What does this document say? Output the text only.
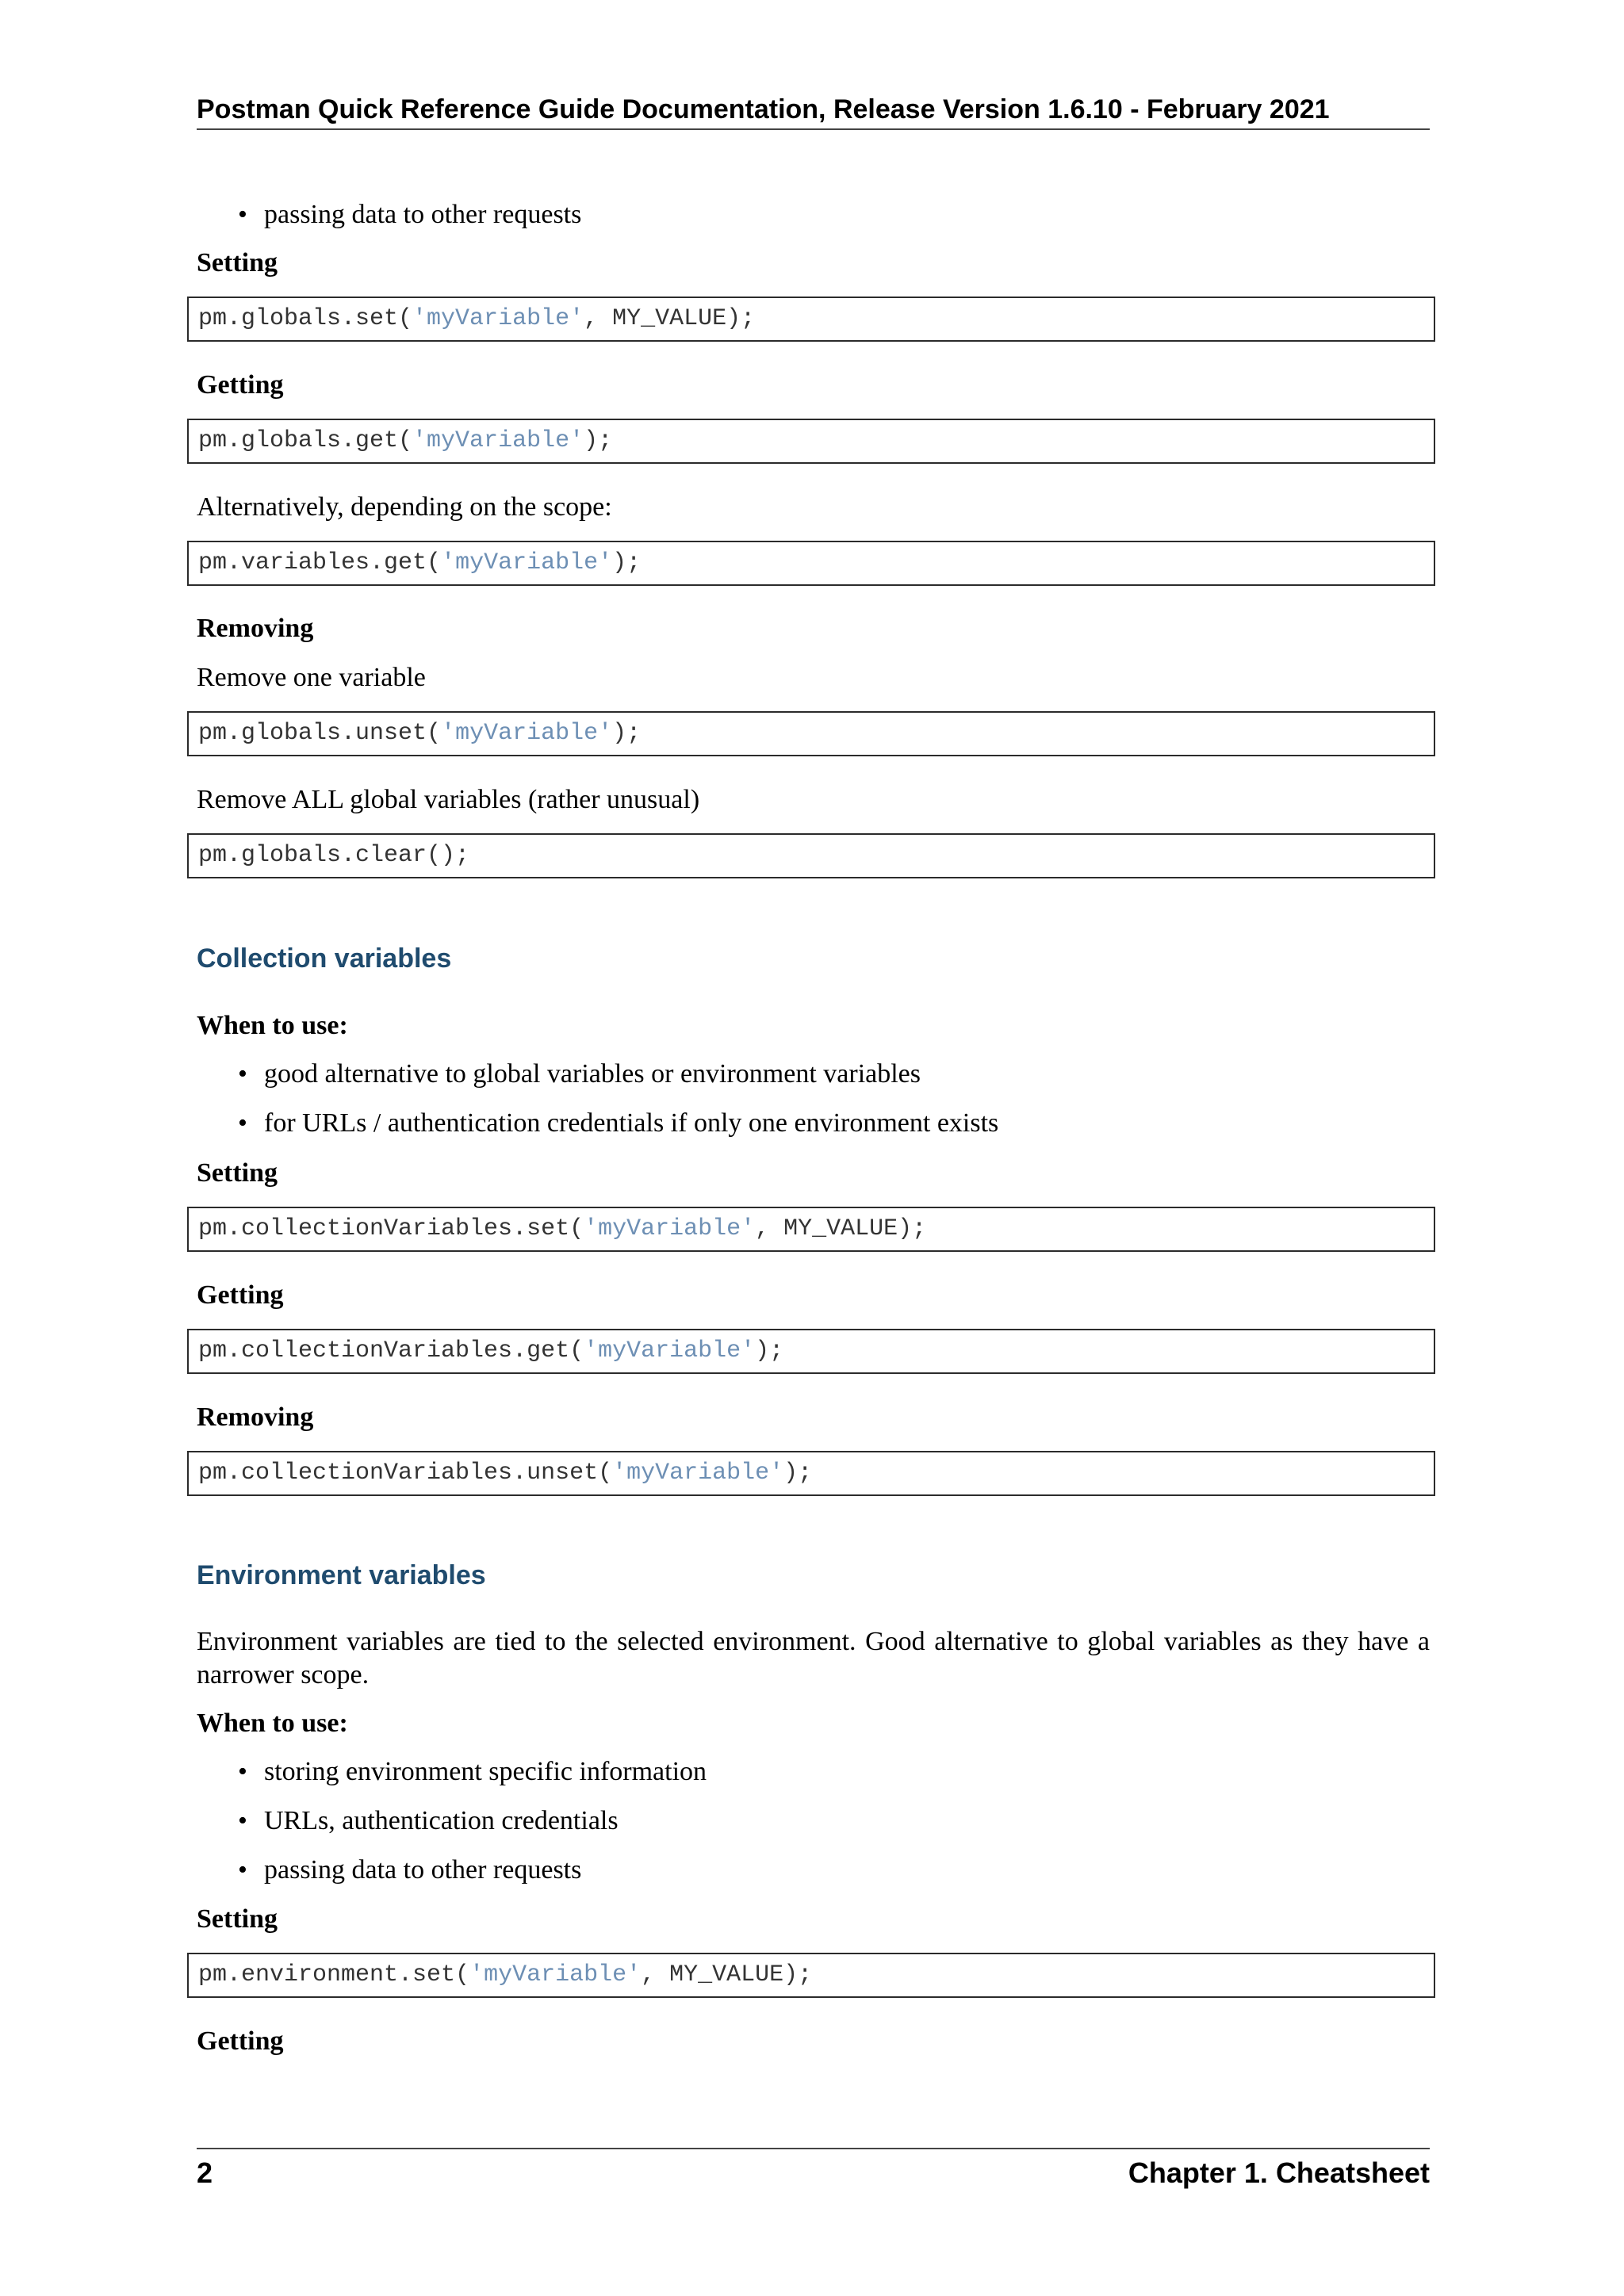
Postman Quick Reference Guide Documentation, Release Version 1.6.10 - February 2021
• passing data to other requests
Setting
pm.globals.set('myVariable', MY_VALUE);
Getting
pm.globals.get('myVariable');
Alternatively, depending on the scope:
pm.variables.get('myVariable');
Removing
Remove one variable
pm.globals.unset('myVariable');
Remove ALL global variables (rather unusual)
pm.globals.clear();
Collection variables
When to use:
• good alternative to global variables or environment variables
• for URLs / authentication credentials if only one environment exists
Setting
pm.collectionVariables.set('myVariable', MY_VALUE);
Getting
pm.collectionVariables.get('myVariable');
Removing
pm.collectionVariables.unset('myVariable');
Environment variables
Environment variables are tied to the selected environment. Good alternative to global variables as they have a narrower scope.
When to use:
• storing environment specific information
• URLs, authentication credentials
• passing data to other requests
Setting
pm.environment.set('myVariable', MY_VALUE);
Getting
2	Chapter 1. Cheatsheet
